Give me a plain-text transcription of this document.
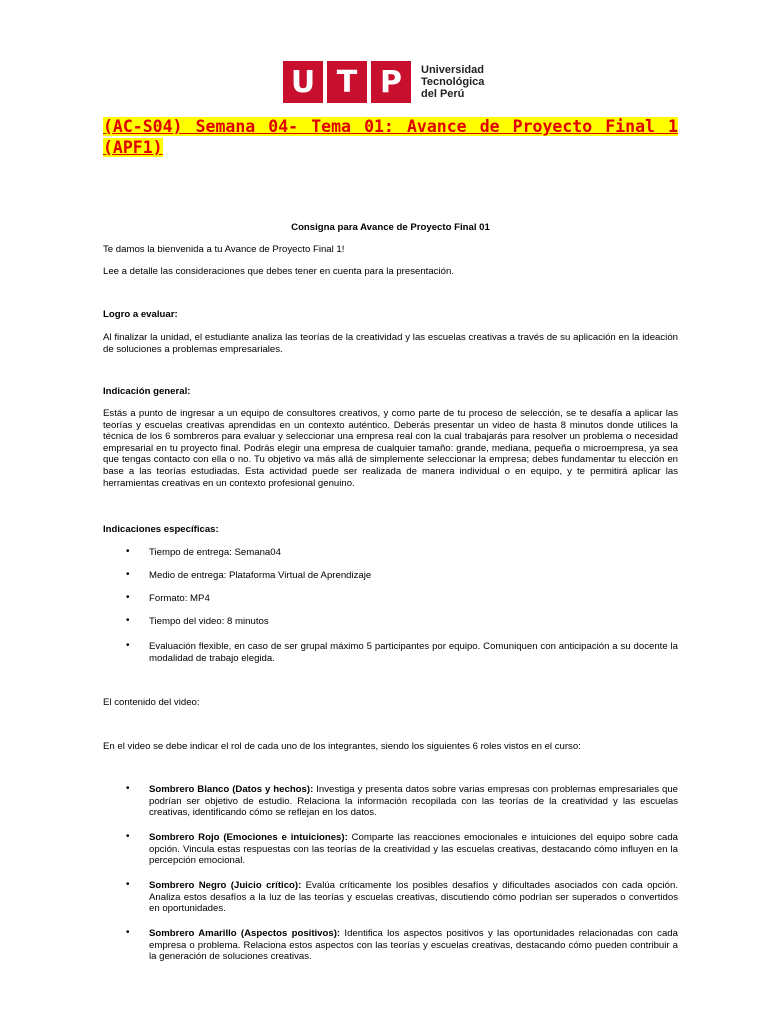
U T P	Universidad
Tecnológica
del Perú
(AC-S04) Semana 04- Tema 01: Avance de Proyecto Final 1 (APF1)
Consigna para Avance de Proyecto Final 01
Te damos la bienvenida a tu Avance de Proyecto Final 1!
Lee a detalle las consideraciones que debes tener en cuenta para la presentación.
Logro a evaluar:
Al finalizar la unidad, el estudiante analiza las teorías de la creatividad y las escuelas creativas a través de su aplicación en la ideación de soluciones a problemas empresariales.
Indicación general:
Estás a punto de ingresar a un equipo de consultores creativos, y como parte de tu proceso de selección, se te desafía a aplicar las teorías y escuelas creativas aprendidas en un contexto auténtico. Deberás presentar un video de hasta 8 minutos donde utilices la técnica de los 6 sombreros para evaluar y seleccionar una empresa real con la cual trabajarás para resolver un problema o necesidad empresarial en tu proyecto final. Podrás elegir una empresa de cualquier tamaño: grande, mediana, pequeña o microempresa, ya sea que tengas contacto con ella o no. Tu objetivo va más allá de simplemente seleccionar la empresa; debes fundamentar tu elección en base a las teorías estudiadas. Esta actividad puede ser realizada de manera individual o en equipo, y te permitirá aplicar las herramientas creativas en un contexto profesional genuino.
Indicaciones específicas:
• Tiempo de entrega: Semana04
• Medio de entrega: Plataforma Virtual de Aprendizaje
• Formato: MP4
• Tiempo del video: 8 minutos
• Evaluación flexible, en caso de ser grupal máximo 5 participantes por equipo. Comuniquen con anticipación a su docente la modalidad de trabajo elegida.
El contenido del video:
En el video se debe indicar el rol de cada uno de los integrantes, siendo los siguientes 6 roles vistos en el curso:
• Sombrero Blanco (Datos y hechos): Investiga y presenta datos sobre varias empresas con problemas empresariales que podrían ser objetivo de estudio. Relaciona la información recopilada con las teorías de la creatividad y las escuelas creativas, identificando cómo se reflejan en los datos.
• Sombrero Rojo (Emociones e intuiciones): Comparte las reacciones emocionales e intuiciones del equipo sobre cada opción. Vincula estas respuestas con las teorías de la creatividad y las escuelas creativas, destacando cómo influyen en la percepción emocional.
• Sombrero Negro (Juicio crítico): Evalúa críticamente los posibles desafíos y dificultades asociados con cada opción. Analiza estos desafíos a la luz de las teorías y escuelas creativas, discutiendo cómo podrían ser superados o convertidos en oportunidades.
• Sombrero Amarillo (Aspectos positivos): Identifica los aspectos positivos y las oportunidades relacionadas con cada empresa o problema. Relaciona estos aspectos con las teorías y escuelas creativas, destacando cómo pueden contribuir a la generación de soluciones creativas.
